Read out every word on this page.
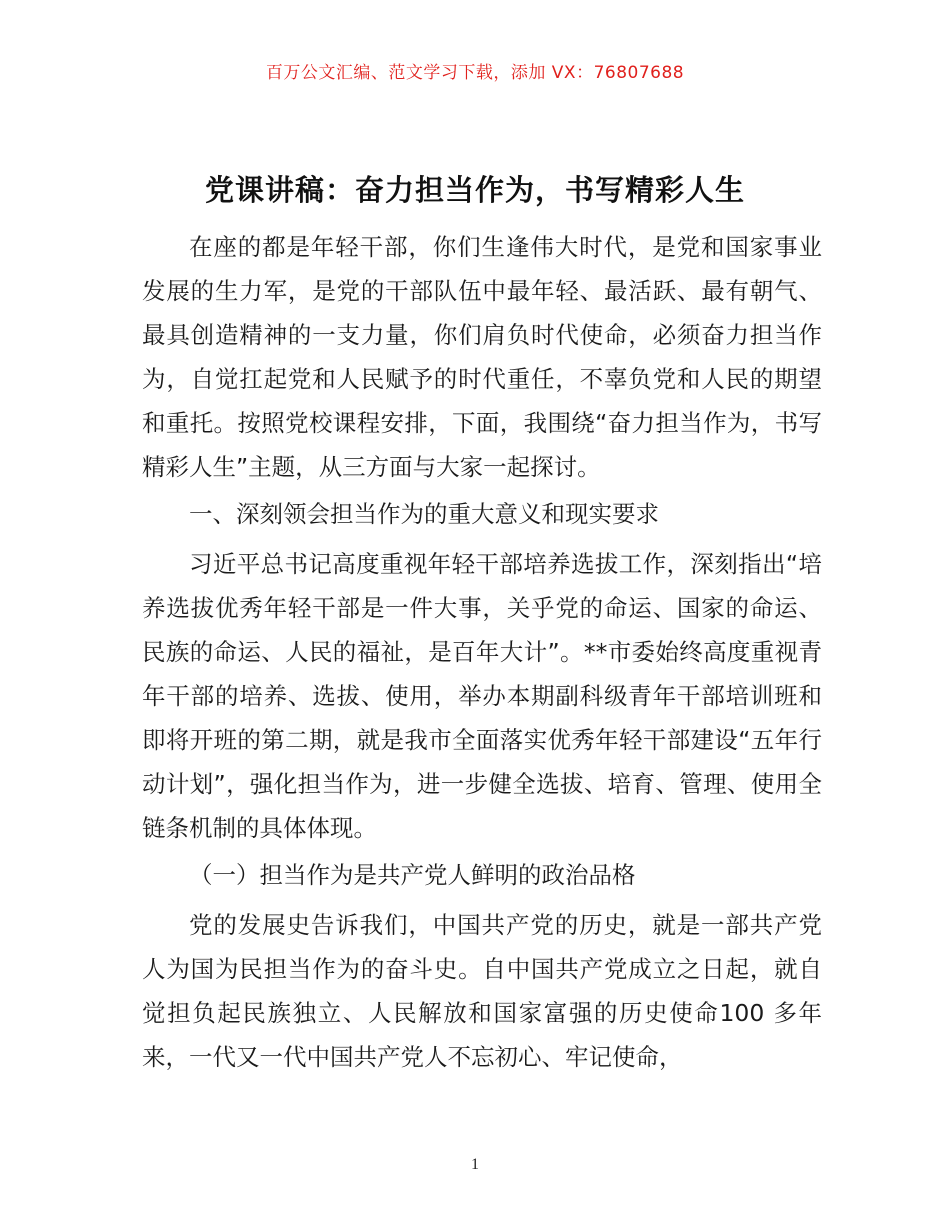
百万公文汇编、范文学习下载，添加 VX：76807688
党课讲稿：奋力担当作为，书写精彩人生

在座的都是年轻干部，你们生逢伟大时代，是党和国家事业发展的生力军，是党的干部队伍中最年轻、最活跃、最有朝气、最具创造精神的一支力量，你们肩负时代使命，必须奋力担当作为，自觉扛起党和人民赋予的时代重任，不辜负党和人民的期望和重托。按照党校课程安排，下面，我围绕“奋力担当作为，书写精彩人生”主题，从三方面与大家一起探讨。

一、深刻领会担当作为的重大意义和现实要求

习近平总书记高度重视年轻干部培养选拔工作，深刻指出“培养选拔优秀年轻干部是一件大事，关乎党的命运、国家的命运、民族的命运、人民的福祉，是百年大计”。**市委始终高度重视青年干部的培养、选拔、使用，举办本期副科级青年干部培训班和即将开班的第二期，就是我市全面落实优秀年轻干部建设“五年行动计划”，强化担当作为，进一步健全选拔、培育、管理、使用全链条机制的具体体现。

（一）担当作为是共产党人鲜明的政治品格

党的发展史告诉我们，中国共产党的历史，就是一部共产党人为国为民担当作为的奋斗史。自中国共产党成立之日起，就自觉担负起民族独立、人民解放和国家富强的历史使命100 多年来，一代又一代中国共产党人不忘初心、牢记使命，

1
